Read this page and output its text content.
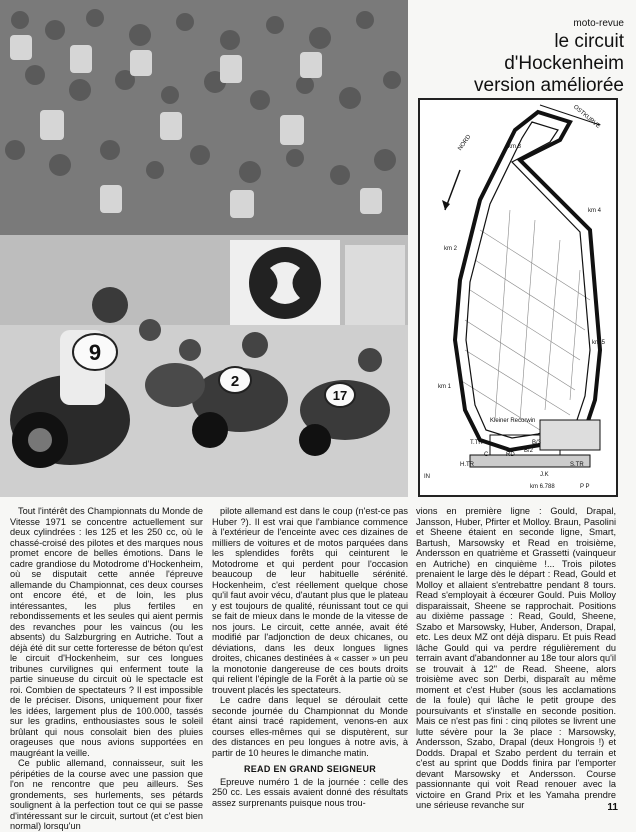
9
2
17
moto-revue
le circuit
d'Hockenheim
version améliorée
NORD
OSTKURVE
km 3
km 4
km 2
km 5
km 1
Kleiner Recorwin
T.TR
RD
B/2
B/3
C
H.TR	S.TR
J.K
km 6.788	P P
IN

Tout l'intérêt des Championnats du Monde de Vitesse 1971 se concentre actuellement sur deux cylindrées : les 125 et les 250 cc, où le chassé-croisé des pilotes et des marques nous promet encore de belles émotions. Dans le cadre grandiose du Motodrome d'Hockenheim, où se disputait cette année l'épreuve allemande du Championnat, ces deux courses ont encore été, et de loin, les plus intéressantes, les plus fertiles en rebondissements et les seules qui aient permis des revanches pour les vaincus (ou les absents) du Salzburgring en Autriche. Tout a déjà été dit sur cette forteresse de béton qu'est le circuit d'Hockenheim, sur ces longues tribunes curvilignes qui enferment toute la partie sinueuse du circuit où le spectacle est roi. Combien de spectateurs ? Il est impossible de le préciser. Disons, uniquement pour fixer les idées, largement plus de 100.000, tassés sur les gradins, enthousiastes sous le soleil brûlant qui nous consolait bien des pluies orageuses que nous avions supportées en maugréant la veille.

Ce public allemand, connaisseur, suit les péripéties de la course avec une passion que l'on ne rencontre que peu ailleurs. Ses grondements, ses hurlements, ses pétards soulignent à la perfection tout ce qui se passe d'intéressant sur le circuit, surtout (et c'est bien normal) lorsqu'un

pilote allemand est dans le coup (n'est-ce pas Huber ?). Il est vrai que l'ambiance commence à l'extérieur de l'enceinte avec ces dizaines de milliers de voitures et de motos parquées dans les splendides forêts qui ceinturent le Motodrome et qui perdent pour l'occasion beaucoup de leur habituelle sérénité. Hockenheim, c'est réellement quelque chose qu'il faut avoir vécu, d'autant plus que le plateau y est toujours de qualité, réunissant tout ce qui se fait de mieux dans le monde de la vitesse de nos jours. Le circuit, cette année, avait été modifié par l'adjonction de deux chicanes, ou déviations, dans les deux longues lignes droites, chicanes destinées à « casser » un peu la monotonie dangereuse de ces bouts droits qui relient l'épingle de la Forêt à la partie où se trouvent placés les spectateurs.

Le cadre dans lequel se déroulait cette seconde journée du Championnat du Monde étant ainsi tracé rapidement, venons-en aux courses elles-mêmes qui se disputèrent, sur des distances en peu longues à notre avis, à partir de 10 heures le dimanche matin.

READ EN GRAND SEIGNEUR

Epreuve numéro 1 de la journée : celle des 250 cc. Les essais avaient donné des résultats assez surprenants puisque nous trou-

vions en première ligne : Gould, Drapal, Jansson, Huber, Pfirter et Molloy. Braun, Pasolini et Sheene étaient en seconde ligne, Smart, Bartush, Marsowsky et Read en troisième, Andersson en quatrième et Grassetti (vainqueur en Autriche) en cinquième !... Trois pilotes prenaient le large dès le départ : Read, Gould et Molloy et allaient s'entrebattre pendant 8 tours. Read s'employait à écœurer Gould. Puis Molloy disparaissait, Sheene se rapprochait. Positions au dixième passage : Read, Gould, Sheene, Szabo et Marsowsky, Huber, Anderson, Drapal, etc. Les deux MZ ont déjà disparu. Et puis Read lâche Gould qui va perdre régulièrement du terrain avant d'abandonner au 18e tour alors qu'il se trouvait à 12" de Read. Sheene, alors troisième avec son Derbi, disparaît au même moment et c'est Huber (sous les acclamations de la foule) qui lâche le petit groupe des poursuivants et s'installe en seconde position. Mais ce n'est pas fini : cinq pilotes se livrent une lutte sévère pour la 3e place : Marsowsky, Andersson, Szabo, Drapal (deux Hongrois !) et Dodds. Drapal et Szabo perdent du terrain et c'est au sprint que Dodds finira par l'emporter devant Marsowsky et Andersson. Course passionnante qui voit Read renouer avec la victoire en Grand Prix et les Yamaha prendre une sérieuse revanche sur	11
